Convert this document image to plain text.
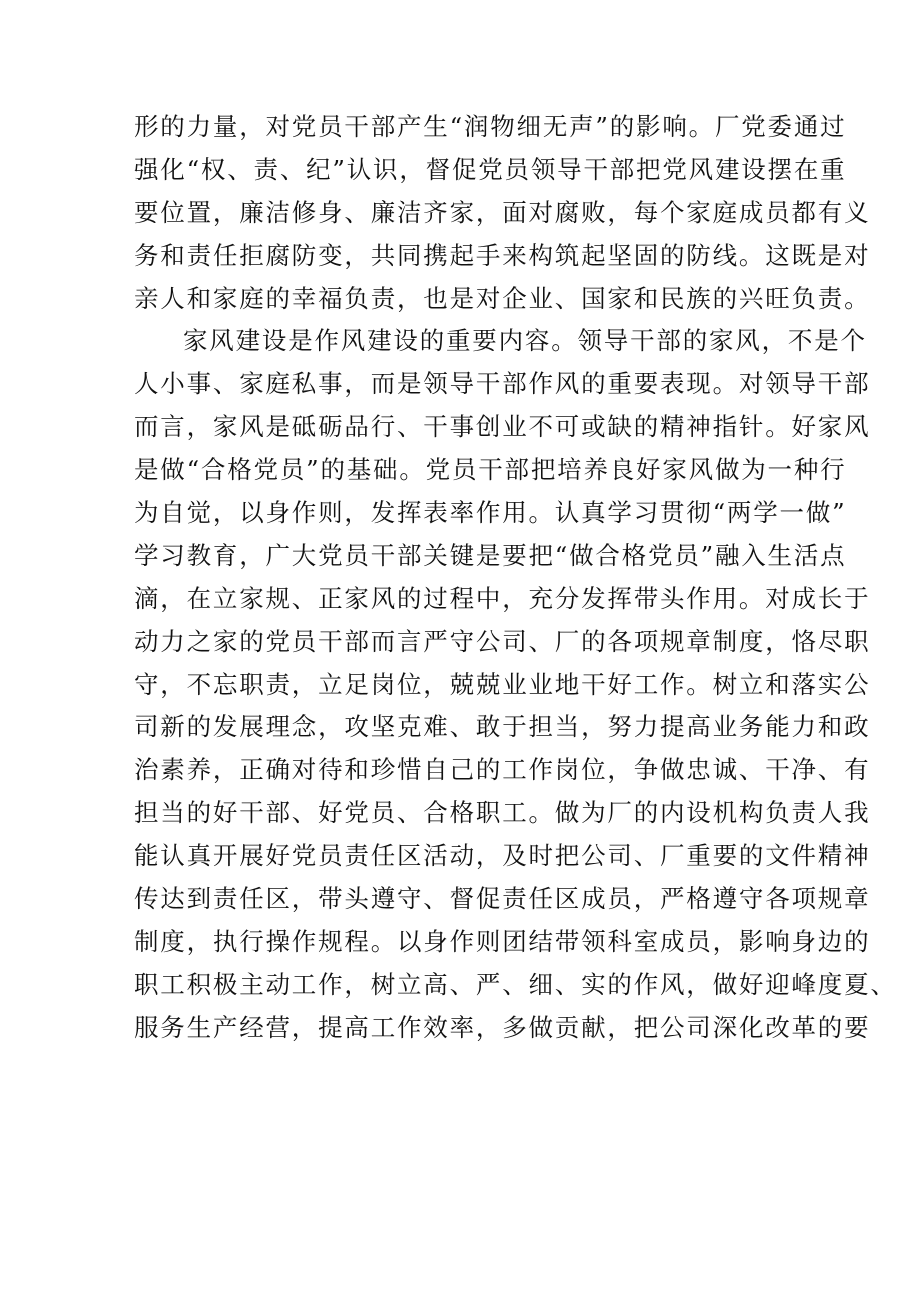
形的力量，对党员干部产生“润物细无声”的影响。厂党委通过
强化“权、责、纪”认识，督促党员领导干部把党风建设摆在重
要位置，廉洁修身、廉洁齐家，面对腐败，每个家庭成员都有义
务和责任拒腐防变，共同携起手来构筑起坚固的防线。这既是对
亲人和家庭的幸福负责，也是对企业、国家和民族的兴旺负责。
家风建设是作风建设的重要内容。领导干部的家风，不是个
人小事、家庭私事，而是领导干部作风的重要表现。对领导干部
而言，家风是砥砺品行、干事创业不可或缺的精神指针。好家风
是做“合格党员”的基础。党员干部把培养良好家风做为一种行
为自觉，以身作则，发挥表率作用。认真学习贯彻“两学一做”
学习教育，广大党员干部关键是要把“做合格党员”融入生活点
滴，在立家规、正家风的过程中，充分发挥带头作用。对成长于
动力之家的党员干部而言严守公司、厂的各项规章制度，恪尽职
守，不忘职责，立足岗位，兢兢业业地干好工作。树立和落实公
司新的发展理念，攻坚克难、敢于担当，努力提高业务能力和政
治素养，正确对待和珍惜自己的工作岗位，争做忠诚、干净、有
担当的好干部、好党员、合格职工。做为厂的内设机构负责人我
能认真开展好党员责任区活动，及时把公司、厂重要的文件精神
传达到责任区，带头遵守、督促责任区成员，严格遵守各项规章
制度，执行操作规程。以身作则团结带领科室成员，影响身边的
职工积极主动工作，树立高、严、细、实的作风，做好迎峰度夏、
服务生产经营，提高工作效率，多做贡献，把公司深化改革的要
